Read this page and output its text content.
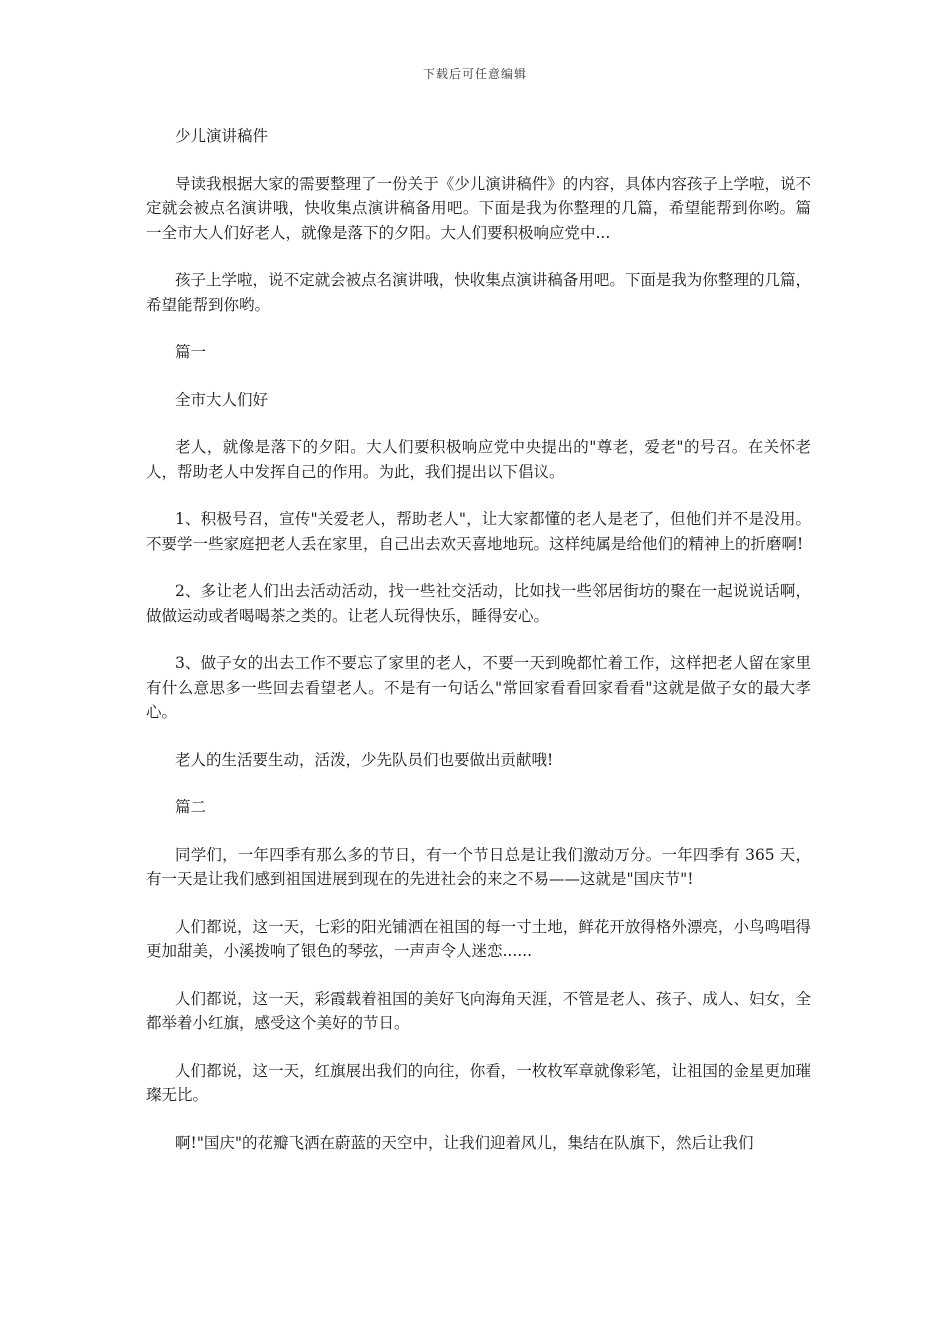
下载后可任意编辑

少儿演讲稿件

导读我根据大家的需要整理了一份关于《少儿演讲稿件》的内容，具体内容孩子上学啦，说不定就会被点名演讲哦，快收集点演讲稿备用吧。下面是我为你整理的几篇，希望能帮到你哟。篇一全市大人们好老人，就像是落下的夕阳。大人们要积极响应党中...

孩子上学啦，说不定就会被点名演讲哦，快收集点演讲稿备用吧。下面是我为你整理的几篇，希望能帮到你哟。

篇一

全市大人们好

老人，就像是落下的夕阳。大人们要积极响应党中央提出的"尊老，爱老"的号召。在关怀老人，帮助老人中发挥自己的作用。为此，我们提出以下倡议。

1、积极号召，宣传"关爱老人，帮助老人"，让大家都懂的老人是老了，但他们并不是没用。不要学一些家庭把老人丢在家里，自己出去欢天喜地地玩。这样纯属是给他们的精神上的折磨啊!

2、多让老人们出去活动活动，找一些社交活动，比如找一些邻居街坊的聚在一起说说话啊，做做运动或者喝喝茶之类的。让老人玩得快乐，睡得安心。

3、做子女的出去工作不要忘了家里的老人，不要一天到晚都忙着工作，这样把老人留在家里有什么意思多一些回去看望老人。不是有一句话么"常回家看看回家看看"这就是做子女的最大孝心。

老人的生活要生动，活泼，少先队员们也要做出贡献哦!

篇二

同学们，一年四季有那么多的节日，有一个节日总是让我们激动万分。一年四季有 365 天，有一天是让我们感到祖国进展到现在的先进社会的来之不易——这就是"国庆节"!

人们都说，这一天，七彩的阳光铺洒在祖国的每一寸土地，鲜花开放得格外漂亮，小鸟鸣唱得更加甜美，小溪拨响了银色的琴弦，一声声令人迷恋......

人们都说，这一天，彩霞载着祖国的美好飞向海角天涯，不管是老人、孩子、成人、妇女，全都举着小红旗，感受这个美好的节日。

人们都说，这一天，红旗展出我们的向往，你看，一枚枚军章就像彩笔，让祖国的金星更加璀璨无比。

啊!"国庆"的花瓣飞洒在蔚蓝的天空中，让我们迎着风儿，集结在队旗下，然后让我们
